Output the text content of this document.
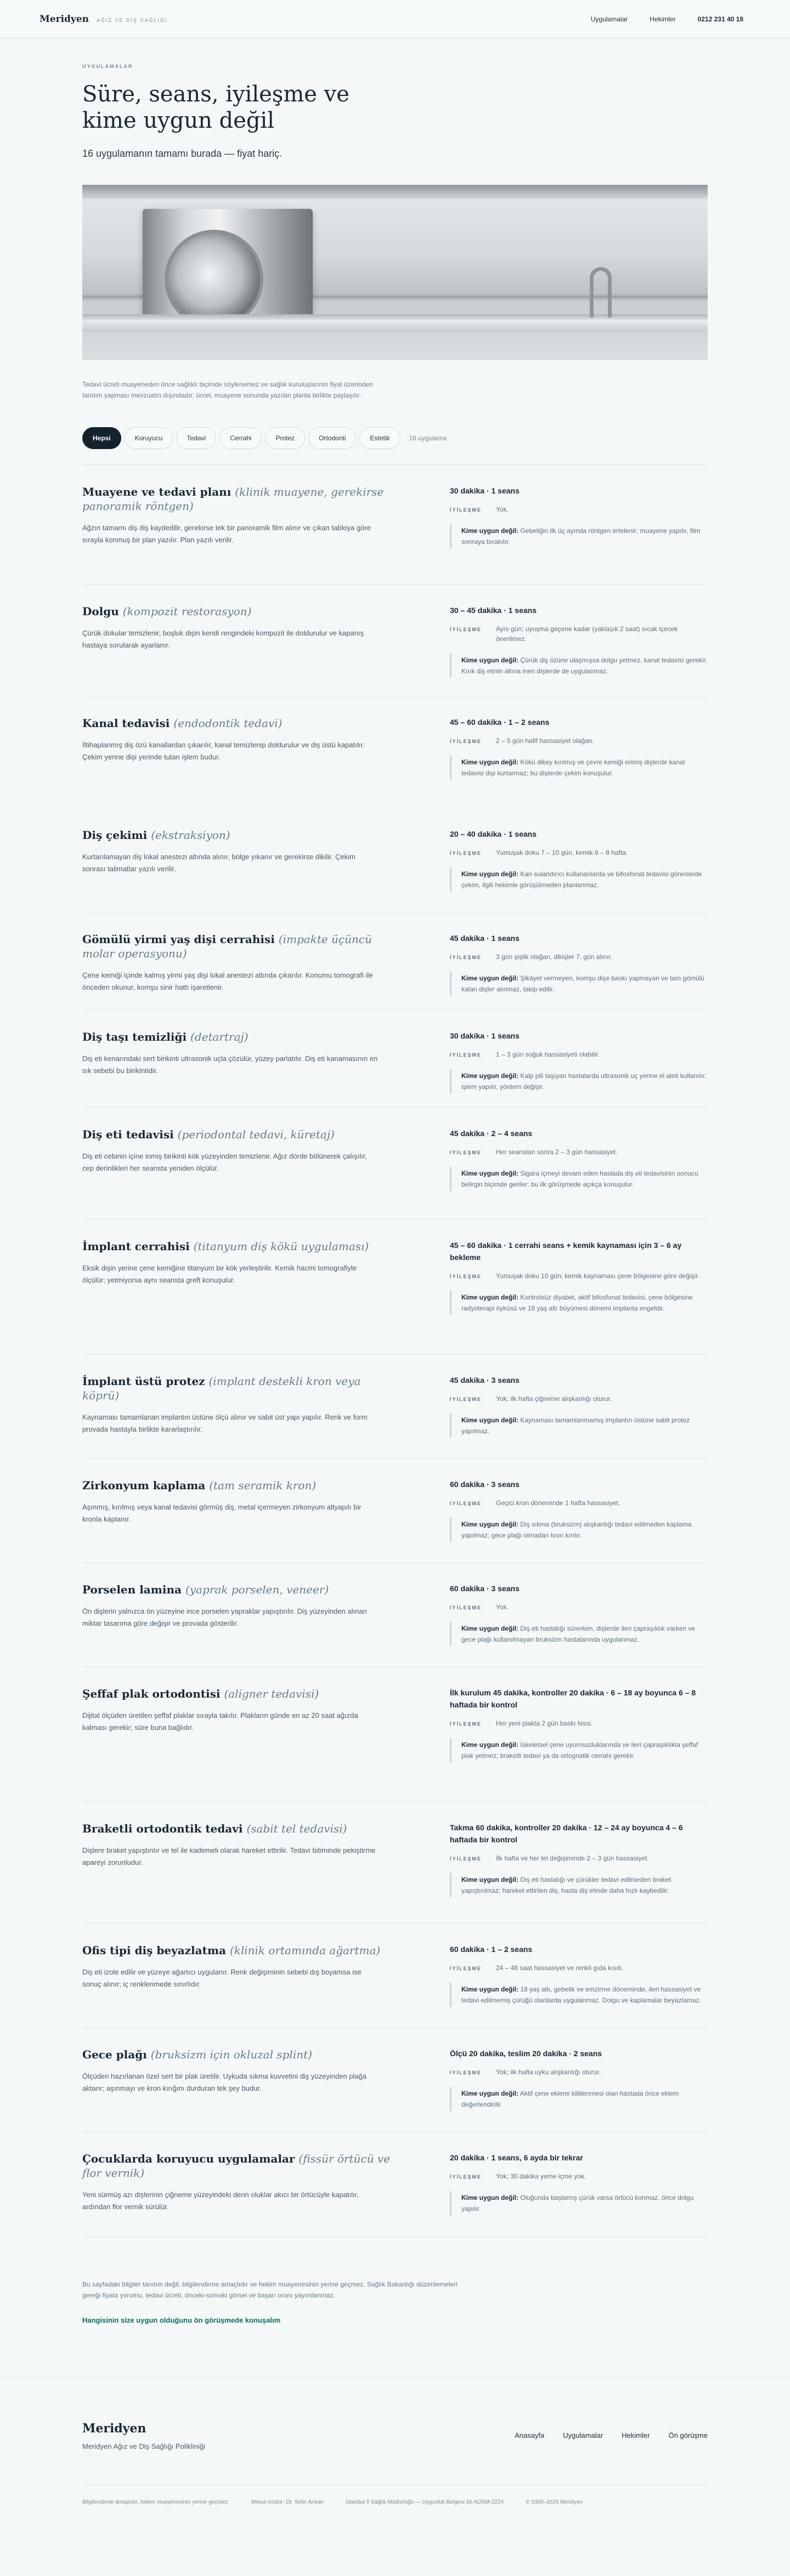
Meridyen AĞIZ VE DİŞ SAĞLIĞI	Uygulamalar	Hekimler	0212 231 40 18
UYGULAMALAR
Süre, seans, iyileşme ve kime uygun değil

16 uygulamanın tamamı burada — fiyat hariç.

Tedavi ücreti muayeneden önce sağlıklı biçimde söylenemez ve sağlık kuruluşlarının fiyat üzerinden tanıtım yapması mevzuatın dışındadır; ücret, muayene sonunda yazılan planla birlikte paylaşılır.

Hepsi	Koruyucu	Tedavi	Cerrahi	Protez	Ortodonti	Estetik	16 uygulama
Muayene ve tedavi planı (klinik muayene, gerekirse panoramik röntgen)

Ağzın tamamı diş diş kaydedilir, gerekirse tek bir panoramik film alınır ve çıkan tabloya göre sırayla konmuş bir plan yazılır. Plan yazılı verilir.

30 dakika · 1 seans
İYİLEŞME	Yok.
Kime uygun değil: Gebeliğin ilk üç ayında röntgen ertelenir; muayene yapılır, film sonraya bırakılır.
Dolgu (kompozit restorasyon)

Çürük dokular temizlenir, boşluk dişin kendi rengindeki kompozit ile doldurulur ve kapanış hastaya sorularak ayarlanır.

30 – 45 dakika · 1 seans
İYİLEŞME	Aynı gün; uyuşma geçene kadar (yaklaşık 2 saat) sıcak içecek önerilmez.
Kime uygun değil: Çürük diş özüne ulaşmışsa dolgu yetmez, kanal tedavisi gerekir. Kırık diş etinin altına inen dişlerde de uygulanmaz.
Kanal tedavisi (endodontik tedavi)

İltihaplanmış diş özü kanallardan çıkarılır, kanal temizlenip doldurulur ve diş üstü kapatılır. Çekim yerine dişi yerinde tutan işlem budur.

45 – 60 dakika · 1 – 2 seans
İYİLEŞME	2 – 5 gün hafif hassasiyet olağan.
Kime uygun değil: Kökü dikey kırılmış ve çevre kemiği erimiş dişlerde kanal tedavisi dişi kurtarmaz; bu dişlerde çekim konuşulur.
Diş çekimi (ekstraksiyon)

Kurtarılamayan diş lokal anestezi altında alınır, bölge yıkanır ve gerekirse dikilir. Çekim sonrası talimatlar yazılı verilir.

20 – 40 dakika · 1 seans
İYİLEŞME	Yumuşak doku 7 – 10 gün, kemik 6 – 8 hafta.
Kime uygun değil: Kan sulandırıcı kullananlarda ve bifosfonat tedavisi görenlerde çekim, ilgili hekimle görüşülmeden planlanmaz.
Gömülü yirmi yaş dişi cerrahisi (impakte üçüncü molar operasyonu)

Çene kemiği içinde kalmış yirmi yaş dişi lokal anestezi altında çıkarılır. Konumu tomografi ile önceden okunur, komşu sinir hattı işaretlenir.

45 dakika · 1 seans
İYİLEŞME	3 gün şişlik olağan, dikişler 7. gün alınır.
Kime uygun değil: Şikâyet vermeyen, komşu dişe baskı yapmayan ve tam gömülü kalan dişler alınmaz, takip edilir.
Diş taşı temizliği (detartraj)

Diş eti kenarındaki sert birikinti ultrasonik uçla çözülür, yüzey parlatılır. Diş eti kanamasının en sık sebebi bu birikintidir.

30 dakika · 1 seans
İYİLEŞME	1 – 3 gün soğuk hassasiyeti olabilir.
Kime uygun değil: Kalp pili taşıyan hastalarda ultrasonik uç yerine el aleti kullanılır; işlem yapılır, yöntem değişir.
Diş eti tedavisi (periodontal tedavi, küretaj)

Diş eti cebinin içine inmiş birikinti kök yüzeyinden temizlenir. Ağız dörde bölünerek çalışılır, cep derinlikleri her seansta yeniden ölçülür.

45 dakika · 2 – 4 seans
İYİLEŞME	Her seanstan sonra 2 – 3 gün hassasiyet.
Kime uygun değil: Sigara içmeyi devam eden hastada diş eti tedavisinin sonucu belirgin biçimde geriler; bu ilk görüşmede açıkça konuşulur.
İmplant cerrahisi (titanyum diş kökü uygulaması)

Eksik dişin yerine çene kemiğine titanyum bir kök yerleştirilir. Kemik hacmi tomografiyle ölçülür; yetmiyorsa aynı seansta greft konuşulur.

45 – 60 dakika · 1 cerrahi seans + kemik kaynaması için 3 – 6 ay bekleme
İYİLEŞME	Yumuşak doku 10 gün; kemik kaynaması çene bölgesine göre değişir.
Kime uygun değil: Kontrolsüz diyabet, aktif bifosfonat tedavisi, çene bölgesine radyoterapi öyküsü ve 18 yaş altı büyümesi dönemi implanta engeldir.
İmplant üstü protez (implant destekli kron veya köprü)

Kaynaması tamamlanan implantın üstüne ölçü alınır ve sabit üst yapı yapılır. Renk ve form provada hastayla birlikte kararlaştırılır.

45 dakika · 3 seans
İYİLEŞME	Yok; ilk hafta çiğneme alışkanlığı oturur.
Kime uygun değil: Kaynaması tamamlanmamış implantın üstüne sabit protez yapılmaz.
Zirkonyum kaplama (tam seramik kron)

Aşınmış, kırılmış veya kanal tedavisi görmüş diş, metal içermeyen zirkonyum altyapılı bir kronla kaplanır.

60 dakika · 3 seans
İYİLEŞME	Geçici kron döneminde 1 hafta hassasiyet.
Kime uygun değil: Diş sıkma (bruksizm) alışkanlığı tedavi edilmeden kaplama yapılmaz; gece plağı olmadan kron kırılır.
Porselen lamina (yaprak porselen, veneer)

Ön dişlerin yalnızca ön yüzeyine ince porselen yapraklar yapıştırılır. Diş yüzeyinden alınan miktar tasarıma göre değişir ve provada gösterilir.

60 dakika · 3 seans
İYİLEŞME	Yok.
Kime uygun değil: Diş eti hastalığı sürerken, dişlerde ileri çapraşıklık varken ve gece plağı kullanılmayan bruksizm hastalarında uygulanmaz.
Şeffaf plak ortodontisi (aligner tedavisi)

Dijital ölçüden üretilen şeffaf plaklar sırayla takılır. Plakların günde en az 20 saat ağızda kalması gerekir; süre buna bağlıdır.

İlk kurulum 45 dakika, kontroller 20 dakika · 6 – 18 ay boyunca 6 – 8 haftada bir kontrol
İYİLEŞME	Her yeni plakta 2 gün baskı hissi.
Kime uygun değil: İskeletsel çene uyumsuzluklarında ve ileri çapraşıklıkta şeffaf plak yetmez; braketli tedavi ya da ortognatik cerrahi gerekir.
Braketli ortodontik tedavi (sabit tel tedavisi)

Dişlere braket yapıştırılır ve tel ile kademeli olarak hareket ettirilir. Tedavi bitiminde pekiştirme apareyi zorunludur.

Takma 60 dakika, kontroller 20 dakika · 12 – 24 ay boyunca 4 – 6 haftada bir kontrol
İYİLEŞME	İlk hafta ve her tel değişiminde 2 – 3 gün hassasiyet.
Kime uygun değil: Diş eti hastalığı ve çürükler tedavi edilmeden braket yapıştırılmaz; hareket ettirilen diş, hasta diş etinde daha hızlı kaybedilir.
Ofis tipi diş beyazlatma (klinik ortamında ağartma)

Diş eti izole edilir ve yüzeye ağartıcı uygulanır. Renk değişiminin sebebi dış boyamsa ise sonuç alınır; iç renklenmede sınırlıdır.

60 dakika · 1 – 2 seans
İYİLEŞME	24 – 48 saat hassasiyet ve renkli gıda kısıtı.
Kime uygun değil: 18 yaş altı, gebelik ve emzirme döneminde, ileri hassasiyet ve tedavi edilmemiş çürüğü olanlarda uygulanmaz. Dolgu ve kaplamalar beyazlamaz.
Gece plağı (bruksizm için okluzal splint)

Ölçüden hazırlanan özel sert bir plak üretilir. Uykuda sıkma kuvvetini diş yüzeyinden plağa aktarır; aşınmayı ve kron kırığını durduran tek şey budur.

Ölçü 20 dakika, teslim 20 dakika · 2 seans
İYİLEŞME	Yok; ilk hafta uyku alışkanlığı oturur.
Kime uygun değil: Aktif çene eklemi kilitlenmesi olan hastada önce eklem değerlendirilir.
Çocuklarda koruyucu uygulamalar (fissür örtücü ve flor vernik)

Yeni sürmüş azı dişlerinin çiğneme yüzeyindeki derin oluklar akıcı bir örtücüyle kapatılır, ardından flor vernik sürülür.

20 dakika · 1 seans, 6 ayda bir tekrar
İYİLEŞME	Yok; 30 dakika yeme içme yok.
Kime uygun değil: Oluğunda başlamış çürük varsa örtücü konmaz, önce dolgu yapılır.

Bu sayfadaki bilgiler tanıtım değil, bilgilendirme amaçlıdır ve hekim muayenesinin yerine geçmez. Sağlık Bakanlığı düzenlemeleri gereği fiyata yorumu, tedavi ücreti, önceki-sonraki görsel ve başarı oranı yayımlanmaz.

Hangisinin size uygun olduğunu ön görüşmede konuşalım
Meridyen
Meridyen Ağız ve Diş Sağlığı Polikliniği
Anasayfa	Uygulamalar	Hekimler	Ön görüşme
Bilgilendirme amaçlıdır, hekim muayenesinin yerine geçmez.	Mesul müdür: Dt. Selin Arıkan	İstanbul İl Sağlık Müdürlüğü — Uygunluk Belgesi 34-ADSM-2224	© 2000–2026 Meridyen
